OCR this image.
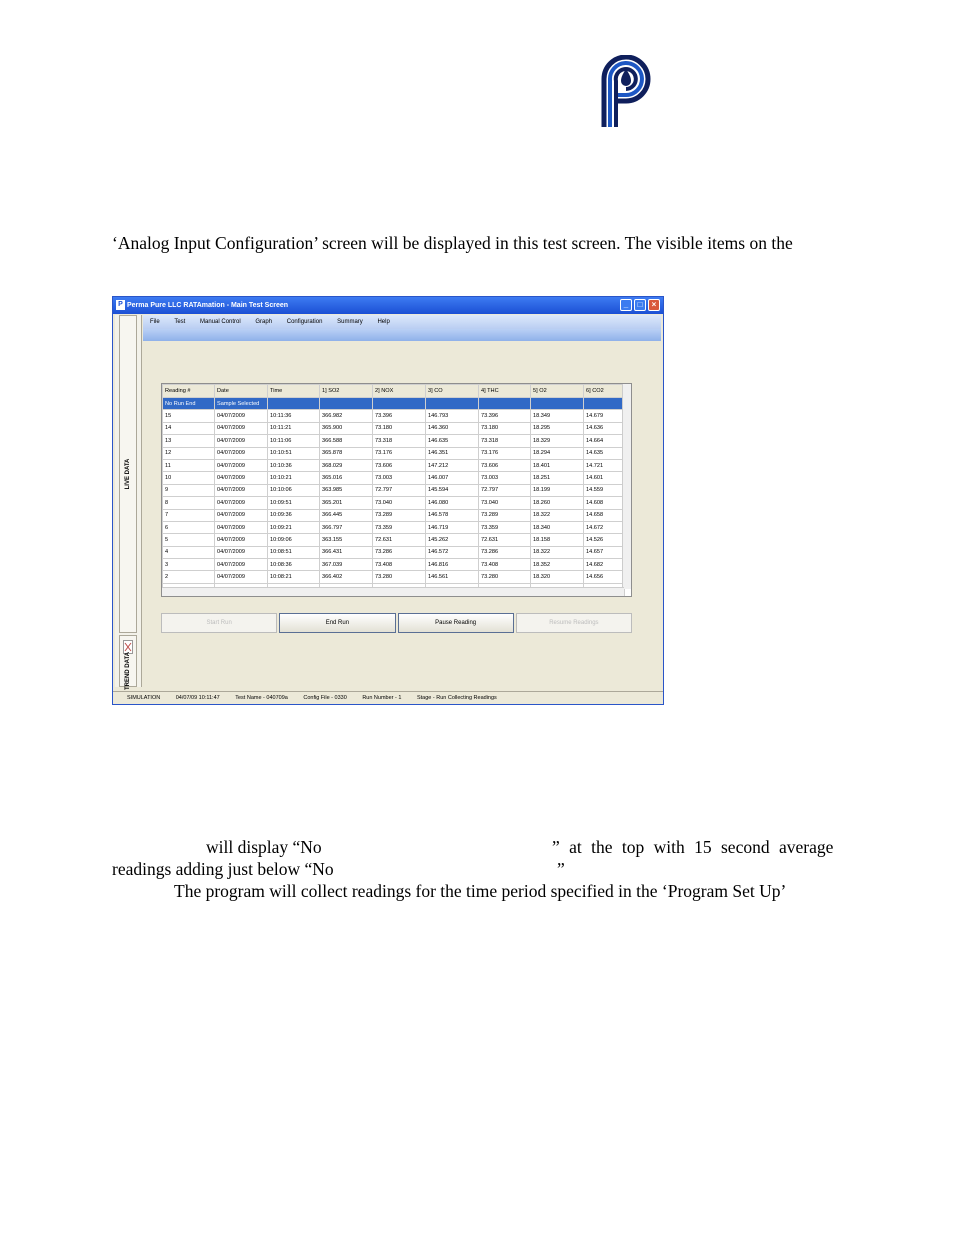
‘Analog Input Configuration’ screen will be displayed in this test screen. The visible items on the
P Perma Pure LLC RATAmation - Main Test Screen	_	□	×
LIVE DATA
TREND DATA
File Test Manual Control Graph Configuration Summary Help
Reading #	Date	Time	1] SO2	2] NOX	3] CO	4] THC	5] O2	6] CO2
No Run End	Sample Selected							
15	04/07/2009	10:11:36	366.982	73.396	146.793	73.396	18.349	14.679
14	04/07/2009	10:11:21	365.900	73.180	146.360	73.180	18.295	14.636
13	04/07/2009	10:11:06	366.588	73.318	146.635	73.318	18.329	14.664
12	04/07/2009	10:10:51	365.878	73.176	146.351	73.176	18.294	14.635
11	04/07/2009	10:10:36	368.029	73.606	147.212	73.606	18.401	14.721
10	04/07/2009	10:10:21	365.016	73.003	146.007	73.003	18.251	14.601
9	04/07/2009	10:10:06	363.985	72.797	145.594	72.797	18.199	14.559
8	04/07/2009	10:09:51	365.201	73.040	146.080	73.040	18.260	14.608
7	04/07/2009	10:09:36	366.445	73.289	146.578	73.289	18.322	14.658
6	04/07/2009	10:09:21	366.797	73.359	146.719	73.359	18.340	14.672
5	04/07/2009	10:09:06	363.155	72.631	145.262	72.631	18.158	14.526
4	04/07/2009	10:08:51	366.431	73.286	146.572	73.286	18.322	14.657
3	04/07/2009	10:08:36	367.039	73.408	146.816	73.408	18.352	14.682
2	04/07/2009	10:08:21	366.402	73.280	146.561	73.280	18.320	14.656

Start Run	End Run	Pause Reading	Resume Readings
SIMULATION	04/07/09 10:11:47	Test Name - 040709a	Config File - 0330	Run Number - 1	Stage - Run Collecting Readings
will display “No	” at the top with 15 second average
readings adding just below “No	”
The program will collect readings for the time period specified in the ‘Program Set Up’
